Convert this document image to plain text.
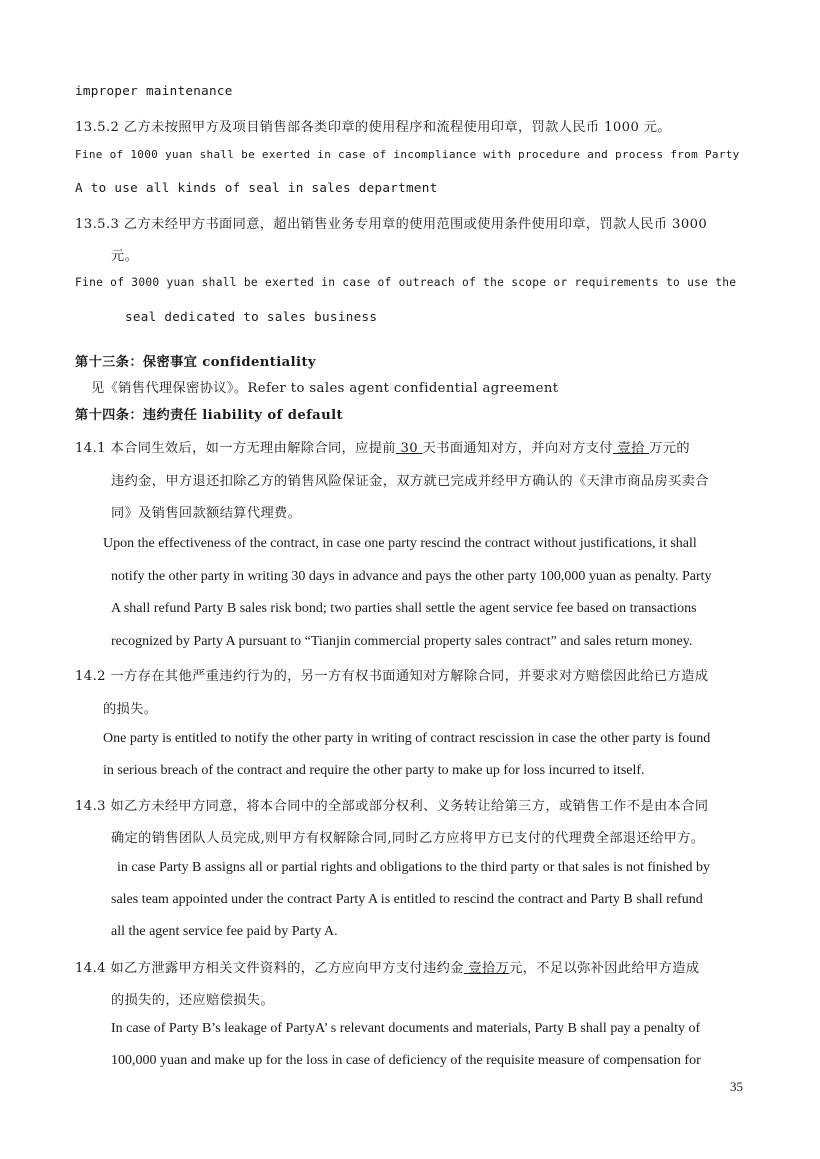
improper maintenance
13.5.2 乙方未按照甲方及项目销售部各类印章的使用程序和流程使用印章，罚款人民币 1000 元。
Fine of 1000 yuan shall be exerted in case of incompliance with procedure and process from Party
A to use all kinds of seal in sales department
13.5.3 乙方未经甲方书面同意，超出销售业务专用章的使用范围或使用条件使用印章，罚款人民币 3000
元。
Fine of 3000 yuan shall be exerted in case of outreach of the scope or requirements to use the
seal dedicated to sales business
第十三条：保密事宜 confidentiality
见《销售代理保密协议》。Refer to sales agent confidential agreement
第十四条：违约责任 liability of default
14.1 本合同生效后，如一方无理由解除合同，应提前 30 天书面通知对方，并向对方支付 壹拾 万元的
违约金，甲方退还扣除乙方的销售风险保证金，双方就已完成并经甲方确认的《天津市商品房买卖合
同》及销售回款额结算代理费。
Upon the effectiveness of the contract, in case one party rescind the contract without justifications, it shall
notify the other party in writing 30 days in advance and pays the other party 100,000 yuan as penalty. Party
A shall refund Party B sales risk bond; two parties shall settle the agent service fee based on transactions
recognized by Party A pursuant to “Tianjin commercial property sales contract” and sales return money.
14.2 一方存在其他严重违约行为的，另一方有权书面通知对方解除合同，并要求对方赔偿因此给已方造成
的损失。
One party is entitled to notify the other party in writing of contract rescission in case the other party is found
in serious breach of the contract and require the other party to make up for loss incurred to itself.
14.3 如乙方未经甲方同意，将本合同中的全部或部分权利、义务转让给第三方，或销售工作不是由本合同
确定的销售团队人员完成,则甲方有权解除合同,同时乙方应将甲方已支付的代理费全部退还给甲方。
in case Party B assigns all or partial rights and obligations to the third party or that sales is not finished by
sales team appointed under the contract Party A is entitled to rescind the contract and Party B shall refund
all the agent service fee paid by Party A.
14.4 如乙方泄露甲方相关文件资料的，乙方应向甲方支付违约金 壹拾万元，不足以弥补因此给甲方造成
的损失的，还应赔偿损失。
In case of Party B’s leakage of PartyA’ s relevant documents and materials, Party B shall pay a penalty of
100,000 yuan and make up for the loss in case of deficiency of the requisite measure of compensation for
35
